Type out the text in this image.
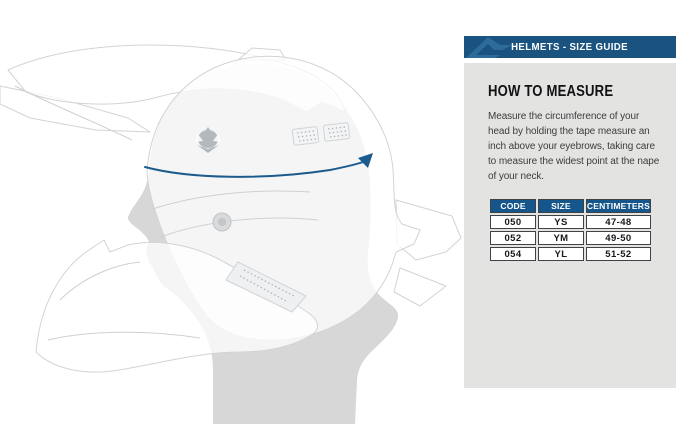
HELMETS - SIZE GUIDE
HOW TO MEASURE

Measure the circumference of your head by holding the tape measure an inch above your eyebrows, taking care to measure the widest point at the nape of your neck.

CODE	SIZE	CENTIMETERS
050	YS	47-48
052	YM	49-50
054	YL	51-52
